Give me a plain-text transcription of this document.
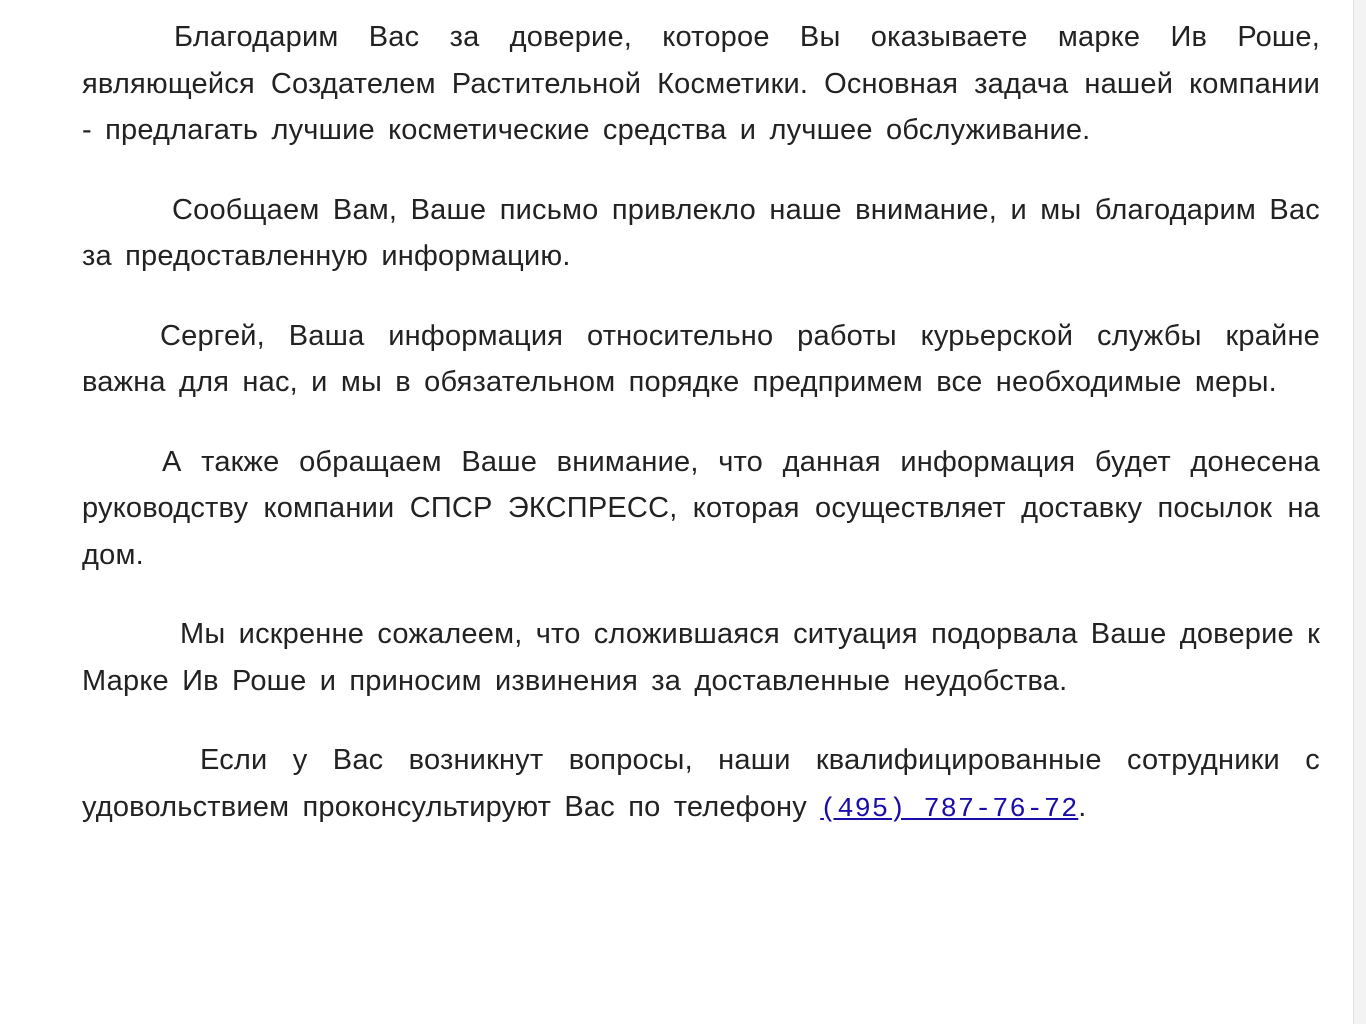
Благодарим Вас за доверие, которое Вы оказываете марке Ив Роше, являющейся Создателем Растительной Косметики. Основная задача нашей компании - предлагать лучшие косметические средства и лучшее обслуживание.

Сообщаем Вам, Ваше письмо привлекло наше внимание, и мы благодарим Вас за предоставленную информацию.

Сергей, Ваша информация относительно работы курьерской службы крайне важна для нас, и мы в обязательном порядке предпримем все необходимые меры.

А также обращаем Ваше внимание, что данная информация будет донесена руководству компании СПСР ЭКСПРЕСС, которая осуществляет доставку посылок на дом.

Мы искренне сожалеем, что сложившаяся ситуация подорвала Ваше доверие к Марке Ив Роше и приносим извинения за доставленные неудобства.

Если у Вас возникнут вопросы, наши квалифицированные сотрудники с удовольствием проконсультируют Вас по телефону (495) 787-76-72.
